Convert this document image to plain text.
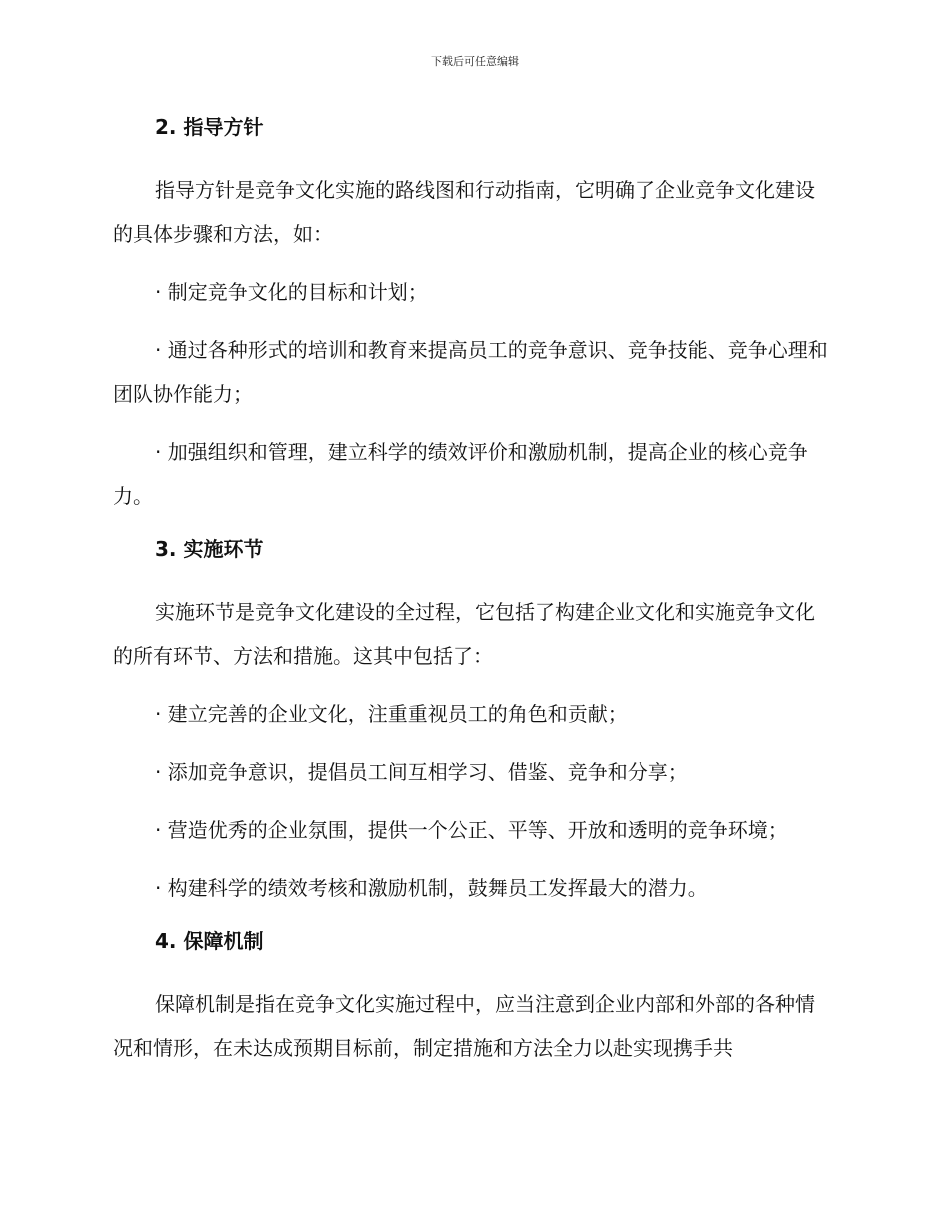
下载后可任意编辑
2. 指导方针
指导方针是竞争文化实施的路线图和行动指南，它明确了企业竞争文化建设的具体步骤和方法，如：
· 制定竞争文化的目标和计划；
· 通过各种形式的培训和教育来提高员工的竞争意识、竞争技能、竞争心理和团队协作能力；
· 加强组织和管理，建立科学的绩效评价和激励机制，提高企业的核心竞争力。
3. 实施环节
实施环节是竞争文化建设的全过程，它包括了构建企业文化和实施竞争文化的所有环节、方法和措施。这其中包括了：
· 建立完善的企业文化，注重重视员工的角色和贡献；
· 添加竞争意识，提倡员工间互相学习、借鉴、竞争和分享；
· 营造优秀的企业氛围，提供一个公正、平等、开放和透明的竞争环境；
· 构建科学的绩效考核和激励机制，鼓舞员工发挥最大的潜力。
4. 保障机制
保障机制是指在竞争文化实施过程中，应当注意到企业内部和外部的各种情况和情形，在未达成预期目标前，制定措施和方法全力以赴实现携手共
